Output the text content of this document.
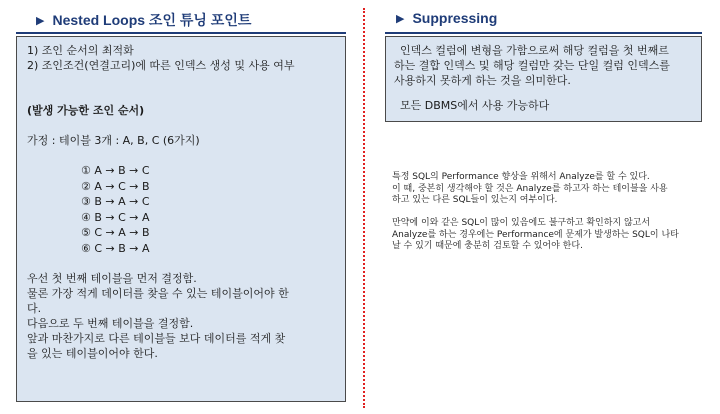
▶ Nested Loops 조인 튜닝 포인트	▶ Suppressing
1) 조인 순서의 최적화
2) 조인조건(연결고리)에 따른 인덱스 생성 및 사용 여부
(발생 가능한 조인 순서)
가정 : 테이블 3개 : A, B, C (6가지)
① A → B → C
② A → C → B
③ B → A → C
④ B → C → A
⑤ C → A → B
⑥ C → B → A
우선 첫 번째 테이블을 먼저 결정함.
물론 가장 적게 데이터를 찾을 수 있는 테이블이어야 한
다.
다음으로 두 번째 테이블을 결정함.
앞과 마찬가지로 다른 테이블들 보다 데이터를 적게 찾
을 있는 테이블이어야 한다.
인덱스 컬럼에 변형을 가함으로써 해당 컬럼을 첫 번째르
하는 결합 인덱스 및 해당 컬럼만 갖는 단일 컬럼 인덱스를
사용하지 못하게 하는 것을 의미한다.
모든 DBMS에서 사용 가능하다
특정 SQL의 Performance 향상을 위해서 Analyze를 할 수 있다.
이 때, 중본히 생각해야 할 것은 Analyze를 하고자 하는 테이블을 사용
하고 있는 다른 SQL들이 있는지 여부이다.
만약에 이와 같은 SQL이 많이 있음에도 불구하고 확인하지 않고서
Analyze를 하는 경우에는 Performance에 문제가 발생하는 SQL이 나타
날 수 있기 때문에 충분히 검토할 수 있어야 한다.
